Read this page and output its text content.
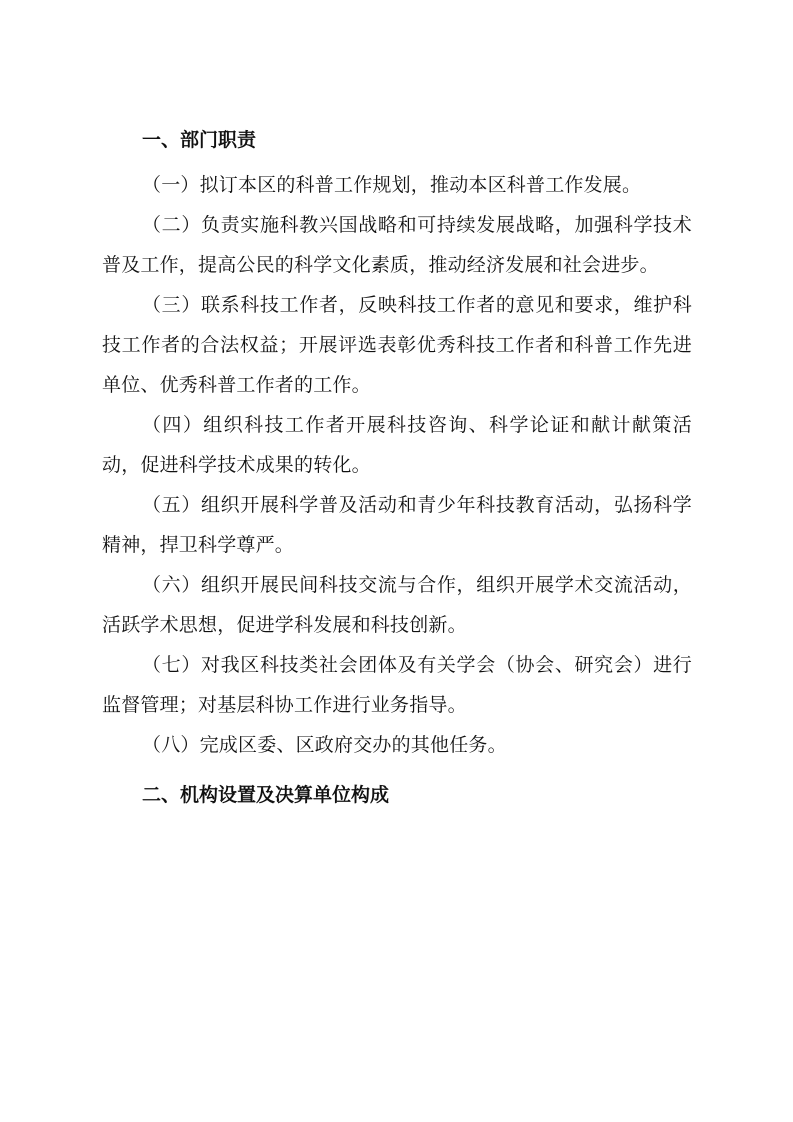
一、部门职责

（一）拟订本区的科普工作规划，推动本区科普工作发展。

（二）负责实施科教兴国战略和可持续发展战略，加强科学技术普及工作，提高公民的科学文化素质，推动经济发展和社会进步。

（三）联系科技工作者，反映科技工作者的意见和要求，维护科技工作者的合法权益；开展评选表彰优秀科技工作者和科普工作先进单位、优秀科普工作者的工作。

（四）组织科技工作者开展科技咨询、科学论证和献计献策活动，促进科学技术成果的转化。

（五）组织开展科学普及活动和青少年科技教育活动，弘扬科学精神，捍卫科学尊严。

（六）组织开展民间科技交流与合作，组织开展学术交流活动，活跃学术思想，促进学科发展和科技创新。

（七）对我区科技类社会团体及有关学会（协会、研究会）进行监督管理；对基层科协工作进行业务指导。

（八）完成区委、区政府交办的其他任务。

二、机构设置及决算单位构成
